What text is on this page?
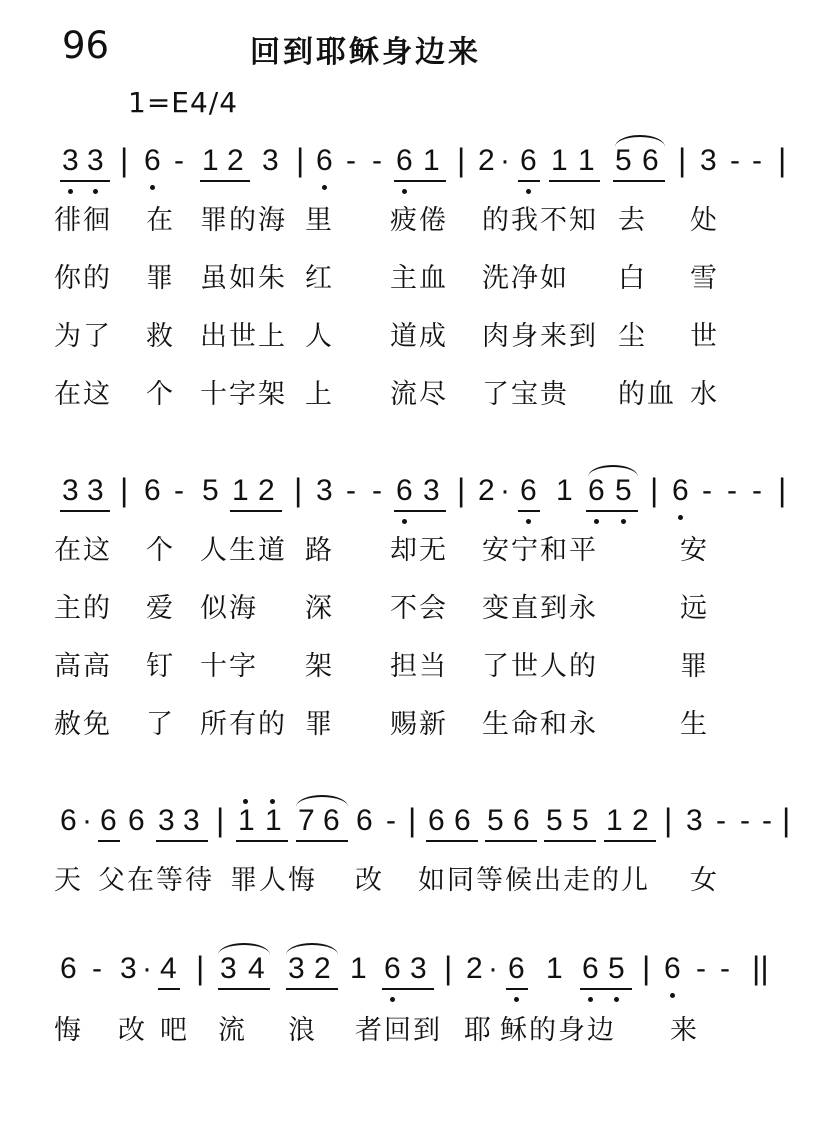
96	回到耶稣身边来
1=E4/4
3 3 | 6 - 1 2 3 | 6 - - 6 1 | 2 · 6 1 1 5 6 | 3 - - |
徘徊 在 罪的海 里 疲倦 的我不知 去 处
你的 罪 虽如朱 红 主血 洗净如 白 雪
为了 救 出世上 人 道成 肉身来到 尘 世
在这 个 十字架 上 流尽 了宝贵 的血 水
3 3 | 6 - 5 1 2 | 3 - - 6 3 | 2 · 6 1 6 5 | 6 - - - |
在这 个 人生道 路 却无 安宁和平	安
主的 爱 似海 深 不会 变直到永	远
高高 钉 十字 架 担当 了世人的	罪
赦免 了 所有的 罪 赐新 生命和永	生
6 · 6 6 3 3 | 1 1 7 6 6 - | 6 6 5 6 5 5 1 2 | 3 - - - |
天 父在等待 罪人悔 改 如同等候出走的儿 女
6 - 3 · 4 | 3 4 3 2 1 6 3 | 2 · 6 1 6 5 | 6 - - ||
悔 改 吧 流 浪 者回到 耶 稣的身边 来
